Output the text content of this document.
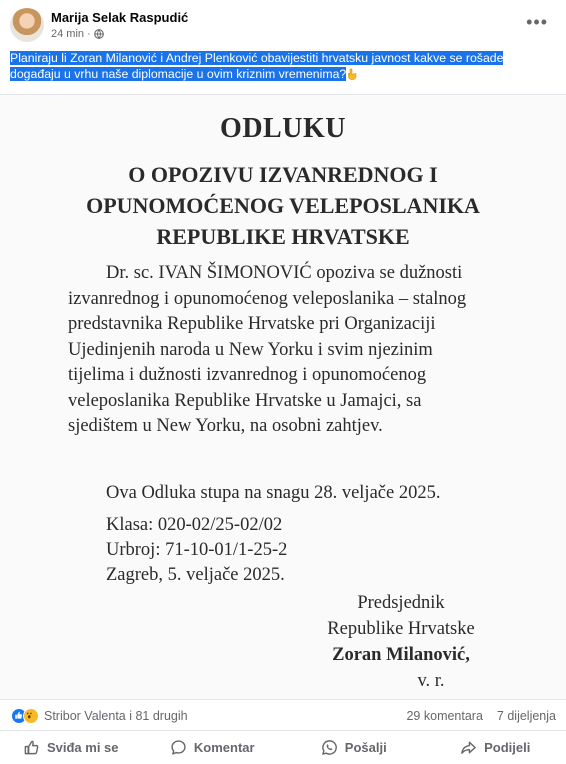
Marija Selak Raspudić
24 min ·
•••
Planiraju li Zoran Milanović i Andrej Plenković obavijestiti hrvatsku javnost kakve se rošade
događaju u vrhu naše diplomacije u ovim kriznim vremenima?
ODLUKU
O OPOZIVU IZVANREDNOG I
OPUNOMOĆENOG VELEPOSLANIKA
REPUBLIKE HRVATSKE

Dr. sc. IVAN ŠIMONOVIĆ opoziva se dužnosti izvanrednog i opunomoćenog veleposlanika – stalnog predstavnika Republike Hrvatske pri Organizaciji Ujedinjenih naroda u New Yorku i svim njezinim tijelima i dužnosti izvanrednog i opunomoćenog veleposlanika Republike Hrvatske u Jamajci, sa sjedištem u New Yorku, na osobni zahtjev.

Ova Odluka stupa na snagu 28. veljače 2025.
Klasa: 020-02/25-02/02
Urbroj: 71-10-01/1-25-2
Zagreb, 5. veljače 2025.
Predsjednik
Republike Hrvatske
Zoran Milanović,
v. r.
Stribor Valenta i 81 drugih	29 komentara 7 dijeljenja
Sviđa mi se	Komentar	Pošalji	Podijeli
